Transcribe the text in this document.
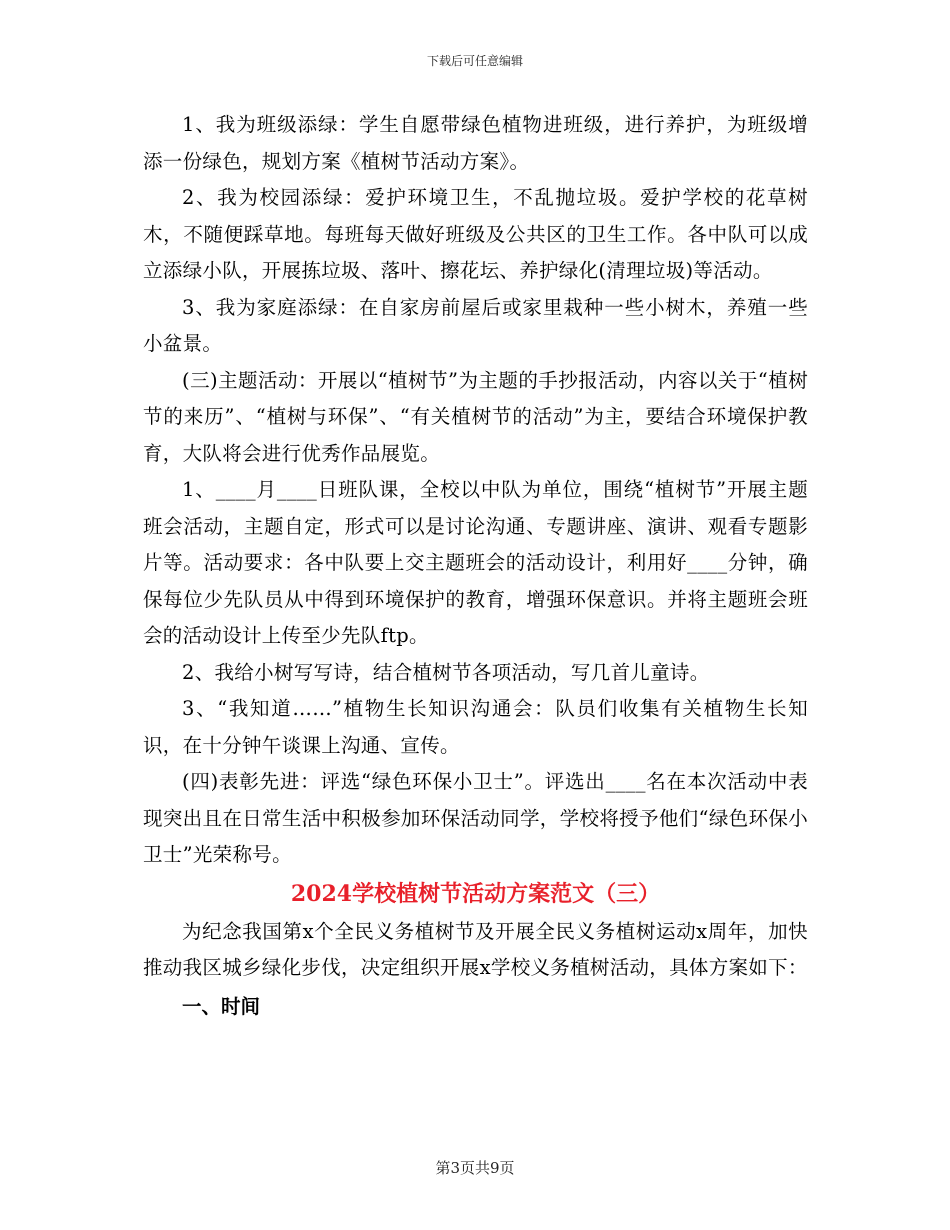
下载后可任意编辑

1、我为班级添绿：学生自愿带绿色植物进班级，进行养护，为班级增添一份绿色，规划方案《植树节活动方案》。

2、我为校园添绿：爱护环境卫生，不乱抛垃圾。爱护学校的花草树木，不随便踩草地。每班每天做好班级及公共区的卫生工作。各中队可以成立添绿小队，开展拣垃圾、落叶、擦花坛、养护绿化(清理垃圾)等活动。

3、我为家庭添绿：在自家房前屋后或家里栽种一些小树木，养殖一些小盆景。

(三)主题活动：开展以“植树节”为主题的手抄报活动，内容以关于“植树节的来历”、“植树与环保”、“有关植树节的活动”为主，要结合环境保护教育，大队将会进行优秀作品展览。

1、____月____日班队课，全校以中队为单位，围绕“植树节”开展主题班会活动，主题自定，形式可以是讨论沟通、专题讲座、演讲、观看专题影片等。活动要求：各中队要上交主题班会的活动设计，利用好____分钟，确保每位少先队员从中得到环境保护的教育，增强环保意识。并将主题班会班会的活动设计上传至少先队ftp。

2、我给小树写写诗，结合植树节各项活动，写几首儿童诗。

3、“我知道……”植物生长知识沟通会：队员们收集有关植物生长知识，在十分钟午谈课上沟通、宣传。

(四)表彰先进：评选“绿色环保小卫士”。评选出____名在本次活动中表现突出且在日常生活中积极参加环保活动同学，学校将授予他们“绿色环保小卫士”光荣称号。

2024学校植树节活动方案范文（三）

为纪念我国第x个全民义务植树节及开展全民义务植树运动x周年，加快推动我区城乡绿化步伐，决定组织开展x学校义务植树活动，具体方案如下：

一、时间

第3页共9页
